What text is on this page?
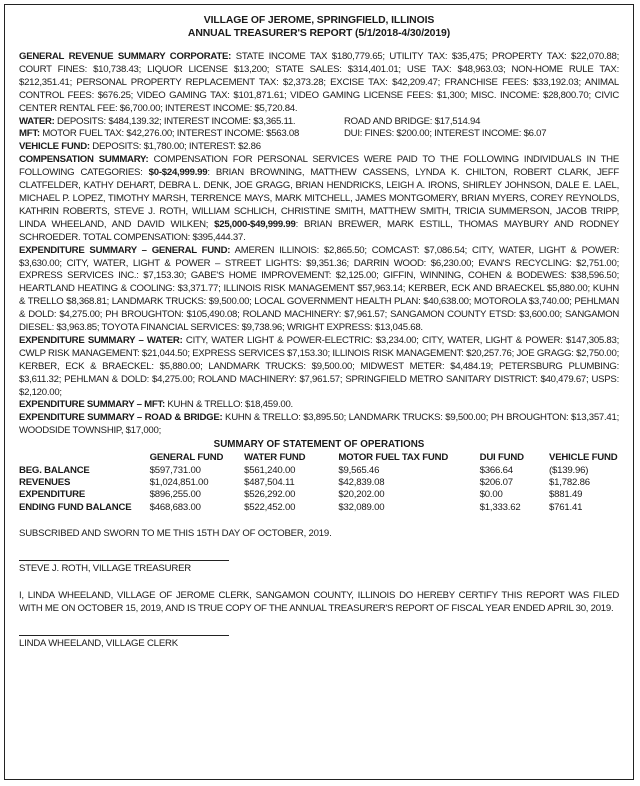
VILLAGE OF JEROME, SPRINGFIELD, ILLINOIS
ANNUAL TREASURER'S REPORT (5/1/2018-4/30/2019)

GENERAL REVENUE SUMMARY CORPORATE: STATE INCOME TAX $180,779.65; UTILITY TAX: $35,475; PROPERTY TAX: $22,070.88; COURT FINES: $10,738.43; LIQUOR LICENSE $13,200; STATE SALES: $314,401.01; USE TAX: $48,963.03; NON-HOME RULE TAX: $212,351.41; PERSONAL PROPERTY REPLACEMENT TAX: $2,373.28; EXCISE TAX: $42,209.47; FRANCHISE FEES: $33,192.03; ANIMAL CONTROL FEES: $676.25; VIDEO GAMING TAX: $101,871.61; VIDEO GAMING LICENSE FEES: $1,300; MISC. INCOME: $28,800.70; CIVIC CENTER RENTAL FEE: $6,700.00; INTEREST INCOME: $5,720.84.

WATER: DEPOSITS: $484,139.32; INTEREST INCOME: $3,365.11.	ROAD AND BRIDGE: $17,514.94
MFT: MOTOR FUEL TAX: $42,276.00; INTEREST INCOME: $563.08	DUI: FINES: $200.00; INTEREST INCOME: $6.07

VEHICLE FUND: DEPOSITS: $1,780.00; INTEREST: $2.86

COMPENSATION SUMMARY: COMPENSATION FOR PERSONAL SERVICES WERE PAID TO THE FOLLOWING INDIVIDUALS IN THE FOLLOWING CATEGORIES: $0-$24,999.99: BRIAN BROWNING, MATTHEW CASSENS, LYNDA K. CHILTON, ROBERT CLARK, JEFF CLATFELDER, KATHY DEHART, DEBRA L. DENK, JOE GRAGG, BRIAN HENDRICKS, LEIGH A. IRONS, SHIRLEY JOHNSON, DALE E. LAEL, MICHAEL P. LOPEZ, TIMOTHY MARSH, TERRENCE MAYS, MARK MITCHELL, JAMES MONTGOMERY, BRIAN MYERS, COREY REYNOLDS, KATHRIN ROBERTS, STEVE J. ROTH, WILLIAM SCHLICH, CHRISTINE SMITH, MATTHEW SMITH, TRICIA SUMMERSON, JACOB TRIPP, LINDA WHEELAND, AND DAVID WILKEN; $25,000-$49,999.99: BRIAN BREWER, MARK ESTILL, THOMAS MAYBURY AND RODNEY SCHROEDER. TOTAL COMPENSATION: $395,444.37.

EXPENDITURE SUMMARY – GENERAL FUND: AMEREN ILLINOIS: $2,865.50; COMCAST: $7,086.54; CITY, WATER, LIGHT & POWER: $3,630.00; CITY, WATER, LIGHT & POWER – STREET LIGHTS: $9,351.36; DARRIN WOOD: $6,230.00; EVAN'S RECYCLING: $2,751.00; EXPRESS SERVICES INC.: $7,153.30; GABE'S HOME IMPROVEMENT: $2,125.00; GIFFIN, WINNING, COHEN & BODEWES: $38,596.50; HEARTLAND HEATING & COOLING: $3,371.77; ILLINOIS RISK MANAGEMENT $57,963.14; KERBER, ECK AND BRAECKEL $5,880.00; KUHN & TRELLO $8,368.81; LANDMARK TRUCKS: $9,500.00; LOCAL GOVERNMENT HEALTH PLAN: $40,638.00; MOTOROLA $3,740.00; PEHLMAN & DOLD: $4,275.00; PH BROUGHTON: $105,490.08; ROLAND MACHINERY: $7,961.57; SANGAMON COUNTY ETSD: $3,600.00; SANGAMON DIESEL: $3,963.85; TOYOTA FINANCIAL SERVICES: $9,738.96; WRIGHT EXPRESS: $13,045.68.

EXPENDITURE SUMMARY – WATER: CITY, WATER LIGHT & POWER-ELECTRIC: $3,234.00; CITY, WATER, LIGHT & POWER: $147,305.83; CWLP RISK MANAGEMENT: $21,044.50; EXPRESS SERVICES $7,153.30; ILLINOIS RISK MANAGEMENT: $20,257.76; JOE GRAGG: $2,750.00; KERBER, ECK & BRAECKEL: $5,880.00; LANDMARK TRUCKS: $9,500.00; MIDWEST METER: $4,484.19; PETERSBURG PLUMBING: $3,611.32; PEHLMAN & DOLD: $4,275.00; ROLAND MACHINERY: $7,961.57; SPRINGFIELD METRO SANITARY DISTRICT: $40,479.67; USPS: $2,120.00;

EXPENDITURE SUMMARY – MFT: KUHN & TRELLO: $18,459.00.

EXPENDITURE SUMMARY – ROAD & BRIDGE: KUHN & TRELLO: $3,895.50; LANDMARK TRUCKS: $9,500.00; PH BROUGHTON: $13,357.41; WOODSIDE TOWNSHIP, $17,000;

SUMMARY OF STATEMENT OF OPERATIONS
	GENERAL FUND	WATER FUND	MOTOR FUEL TAX FUND	DUI FUND	VEHICLE FUND
BEG. BALANCE	$597,731.00	$561,240.00	$9,565.46	$366.64	($139.96)
REVENUES	$1,024,851.00	$487,504.11	$42,839.08	$206.07	$1,782.86
EXPENDITURE	$896,255.00	$526,292.00	$20,202.00	$0.00	$881.49
ENDING FUND BALANCE	$468,683.00	$522,452.00	$32,089.00	$1,333.62	$761.41
SUBSCRIBED AND SWORN TO ME THIS 15TH DAY OF OCTOBER, 2019.
STEVE J. ROTH, VILLAGE TREASURER
I, LINDA WHEELAND, VILLAGE OF JEROME CLERK, SANGAMON COUNTY, ILLINOIS DO HEREBY CERTIFY THIS REPORT WAS FILED WITH ME ON OCTOBER 15, 2019, AND IS TRUE COPY OF THE ANNUAL TREASURER'S REPORT OF FISCAL YEAR ENDED APRIL 30, 2019.
LINDA WHEELAND, VILLAGE CLERK
